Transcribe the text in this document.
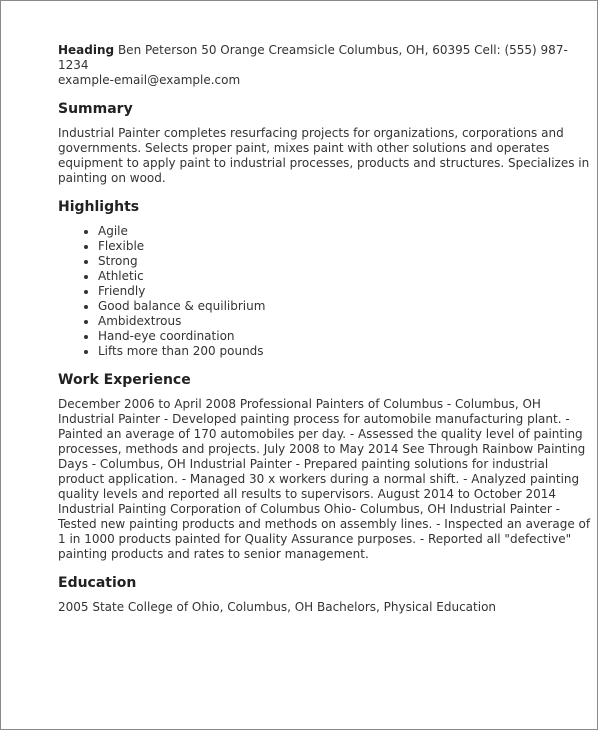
Heading Ben Peterson 50 Orange Creamsicle Columbus, OH, 60395 Cell: (555) 987-1234

example-email@example.com

Summary

Industrial Painter completes resurfacing projects for organizations, corporations and governments. Selects proper paint, mixes paint with other solutions and operates equipment to apply paint to industrial processes, products and structures. Specializes in painting on wood.

Highlights
• Agile
• Flexible
• Strong
• Athletic
• Friendly
• Good balance & equilibrium
• Ambidextrous
• Hand-eye coordination
• Lifts more than 200 pounds
Work Experience

December 2006 to April 2008 Professional Painters of Columbus - Columbus, OH Industrial Painter - Developed painting process for automobile manufacturing plant. - Painted an average of 170 automobiles per day. - Assessed the quality level of painting processes, methods and projects. July 2008 to May 2014 See Through Rainbow Painting Days - Columbus, OH Industrial Painter - Prepared painting solutions for industrial product application. - Managed 30 x workers during a normal shift. - Analyzed painting quality levels and reported all results to supervisors. August 2014 to October 2014 Industrial Painting Corporation of Columbus Ohio- Columbus, OH Industrial Painter - Tested new painting products and methods on assembly lines. - Inspected an average of 1 in 1000 products painted for Quality Assurance purposes. - Reported all "defective" painting products and rates to senior management.

Education

2005 State College of Ohio, Columbus, OH Bachelors, Physical Education
